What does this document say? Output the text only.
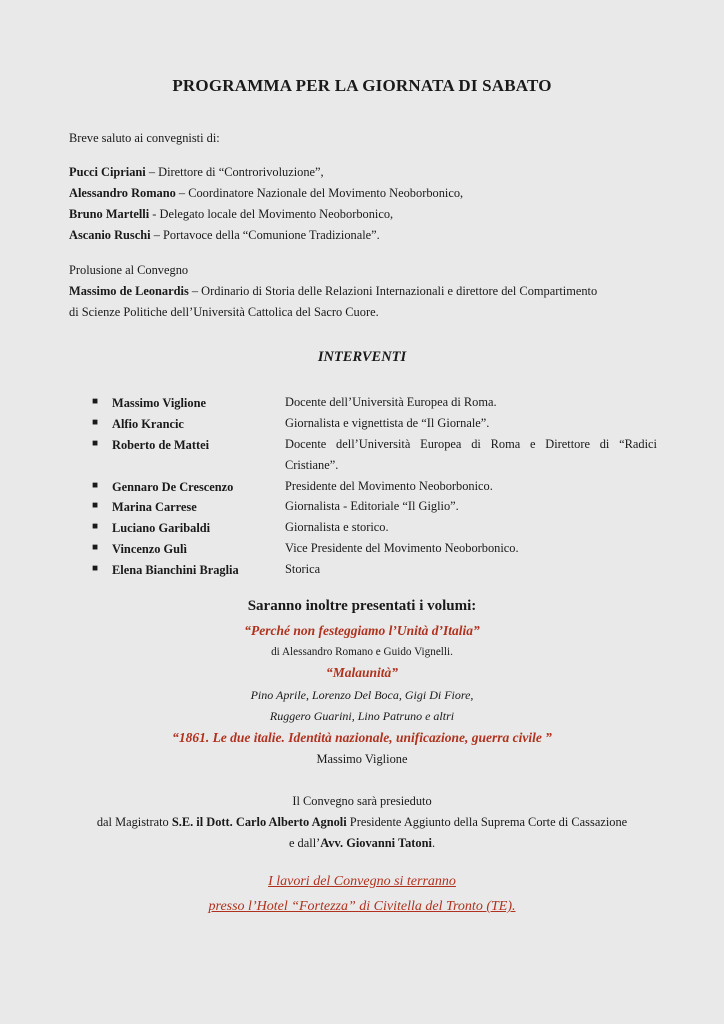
PROGRAMMA PER LA GIORNATA DI SABATO
Breve saluto ai convegnisti di:
Pucci Cipriani – Direttore di “Controrivoluzione”,
Alessandro Romano – Coordinatore Nazionale del Movimento Neoborbonico,
Bruno Martelli - Delegato locale del Movimento Neoborbonico,
Ascanio Ruschi – Portavoce della “Comunione Tradizionale”.
Prolusione al Convegno
Massimo de Leonardis – Ordinario di Storia delle Relazioni Internazionali e direttore del Compartimento
di Scienze Politiche dell’Università Cattolica del Sacro Cuore.
INTERVENTI
■ Massimo Viglione	Docente dell’Università Europea di Roma.
■ Alfio Krancic	Giornalista e vignettista de “Il Giornale”.
■ Roberto de Mattei	Docente dell’Università Europea di Roma e Direttore di “Radici Cristiane”.
■ Gennaro De Crescenzo	Presidente del Movimento Neoborbonico.
■ Marina Carrese	Giornalista - Editoriale “Il Giglio”.
■ Luciano Garibaldi	Giornalista e storico.
■ Vincenzo Gulì	Vice Presidente del Movimento Neoborbonico.
■ Elena Bianchini Braglia	Storica
Saranno inoltre presentati i volumi:
“Perché non festeggiamo l’Unità d’Italia”
di Alessandro Romano e Guido Vignelli.
“Malaunità”
Pino Aprile, Lorenzo Del Boca, Gigi Di Fiore,
Ruggero Guarini, Lino Patruno e altri
“1861. Le due italie. Identità nazionale, unificazione, guerra civile ”
Massimo Viglione
Il Convegno sarà presieduto
dal Magistrato S.E. il Dott. Carlo Alberto Agnoli Presidente Aggiunto della Suprema Corte di Cassazione
e dall’Avv. Giovanni Tatoni.
I lavori del Convegno si terranno
presso l’Hotel “Fortezza” di Civitella del Tronto (TE).
